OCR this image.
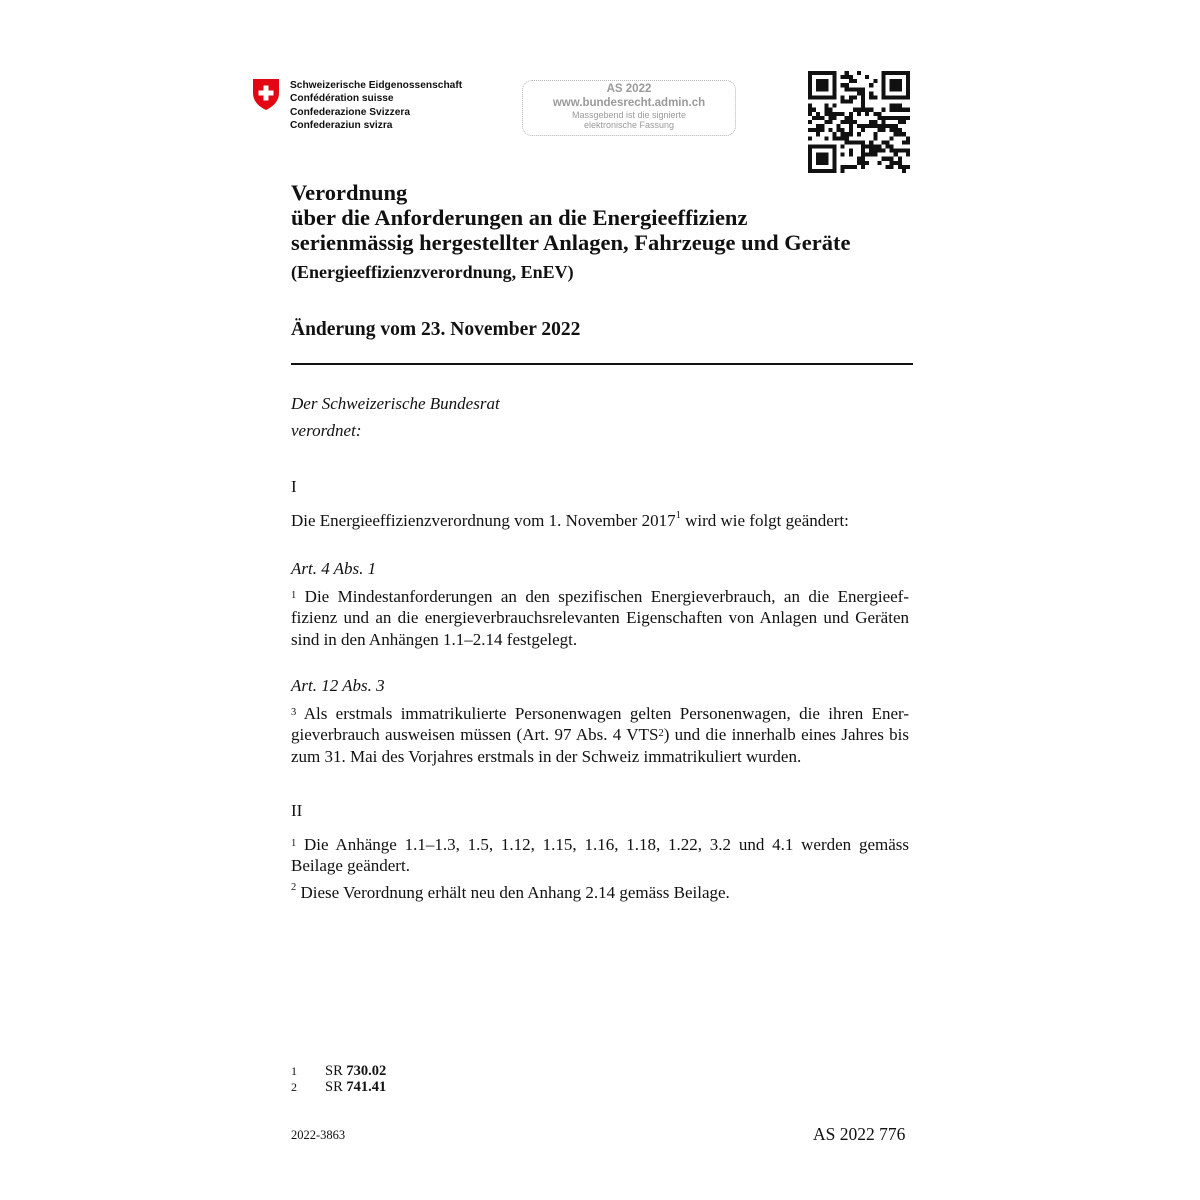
Schweizerische Eidgenossenschaft
Confédération suisse
Confederazione Svizzera
Confederaziun svizra
AS 2022
www.bundesrecht.admin.ch
Massgebend ist die signierte
elektronische Fassung
Verordnung
über die Anforderungen an die Energieeffizienz
serienmässig hergestellter Anlagen, Fahrzeuge und Geräte
(Energieeffizienzverordnung, EnEV)
Änderung vom 23. November 2022
Der Schweizerische Bundesrat
verordnet:
I
Die Energieeffizienzverordnung vom 1. November 2017$^1$ wird wie folgt geändert:
Art. 4 Abs. 1
$^1$ Die Mindestanforderungen an den spezifischen Energieverbrauch, an die Energieef-fizienz und an die energieverbrauchsrelevanten Eigenschaften von Anlagen und Geräten sind in den Anhängen 1.1–2.14 festgelegt.
Art. 12 Abs. 3
$^3$ Als erstmals immatrikulierte Personenwagen gelten Personenwagen, die ihren Ener-gieverbrauch ausweisen müssen (Art. 97 Abs. 4 VTS$^2$) und die innerhalb eines Jahres bis zum 31. Mai des Vorjahres erstmals in der Schweiz immatrikuliert wurden.
II
$^1$ Die Anhänge 1.1–1.3, 1.5, 1.12, 1.15, 1.16, 1.18, 1.22, 3.2 und 4.1 werden gemäss Beilage geändert.
$^2$ Diese Verordnung erhält neu den Anhang 2.14 gemäss Beilage.
1	SR 730.02
2	SR 741.41
2022-3863	AS 2022 776
